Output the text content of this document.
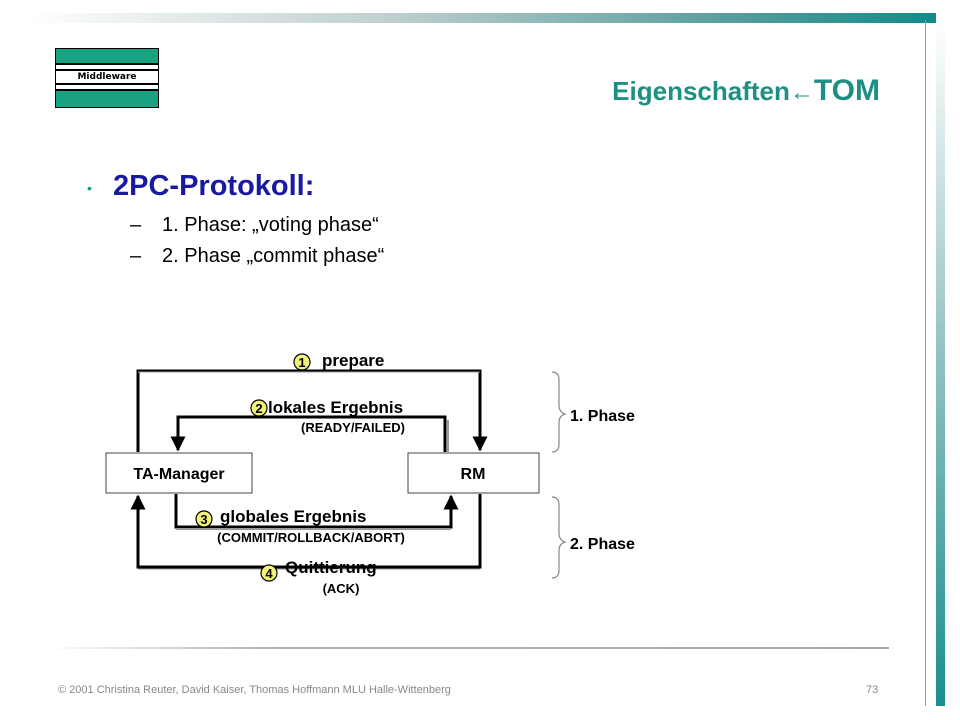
Middleware	Eigenschaften←TOM
• 2PC-Protokoll:
– 1. Phase: „voting phase“
– 2. Phase „commit phase“
TA-Manager	RM
prepare
lokales Ergebnis
(READY/FAILED)
globales Ergebnis
(COMMIT/ROLLBACK/ABORT)
Quittierung
(ACK)
1
2
3
4
1. Phase
2. Phase
© 2001 Christina Reuter, David Kaiser, Thomas Hoffmann MLU Halle-Wittenberg	73
